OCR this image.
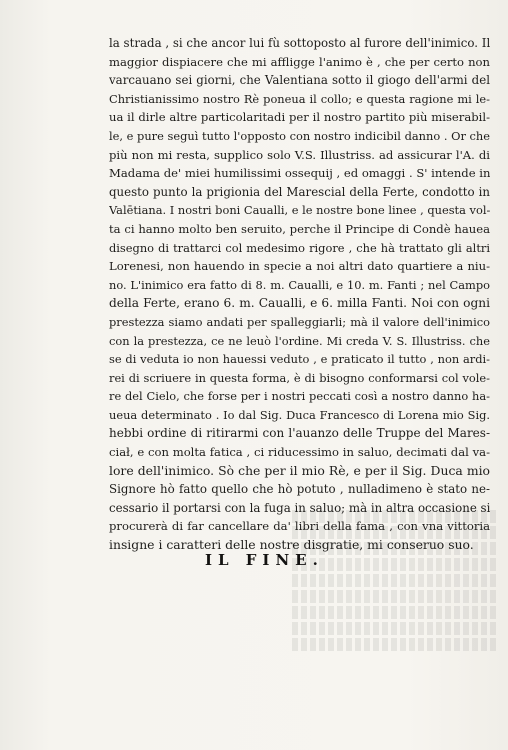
la strada , si che ancor lui fù sottoposto al furore dell'inimico. Il
maggior dispiacere che mi affligge l'animo è , che per certo non
varcauano sei giorni, che Valentiana sotto il giogo dell'armi del
Christianissimo nostro Rè poneua il collo; e questa ragione mi le-
ua il dirle altre particolaritadi per il nostro partito più miserabil-
le, e pure seguì tutto l'opposto con nostro indicibil danno . Or che
più non mi resta, supplico solo V.S. Illustriss. ad assicurar l'A. di
Madama de' miei humilissimi ossequij , ed omaggi . S' intende in
questo punto la prigionia del Marescial della Ferte, condotto in
Valētiana. I nostri boni Caualli, e le nostre bone linee , questa vol-
ta ci hanno molto ben seruito, perche il Principe di Condè haueа
disegno di trattarci col medesimo rigore , che hà trattato gli altri
Lorenesi, non hauendo in specie a noi altri dato quartiere a niu-
no. L'inimico era fatto di 8. m. Caualli, e 10. m. Fanti ; nel Campo
della Ferte, erano 6. m. Caualli, e 6. milla Fanti. Noi con ogni
prestezza siamo andati per spalleggiarli; mà il valore dell'inimico
con la prestezza, ce ne leuò l'ordine. Mi creda V. S. Illustriss. che
se di veduta io non hauessi veduto , e praticato il tutto , non ardi-
rei di scriuere in questa forma, è di bisogno conformarsi col vole-
re del Cielo, che forse per i nostri peccati così a nostro danno ha-
ueua determinato . Io dal Sig. Duca Francesco di Lorena mio Sig.
hebbi ordine di ritirarmi con l'auanzo delle Truppe del Mares-
ciał, e con molta fatica , ci riducessimo in saluo, decimati dal va-
lore dell'inimico. Sò che per il mio Rè, e per il Sig. Duca mio
Signore hò fatto quello che hò potuto , nulladimeno è stato ne-
cessario il portarsi con la fuga in saluo; mà in altra occasione si
procurerà di far cancellare da' libri della fama , con vna vittoria
insigne i caratteri delle nostre disgratie, mi conseruo suo.
IL FINE.
